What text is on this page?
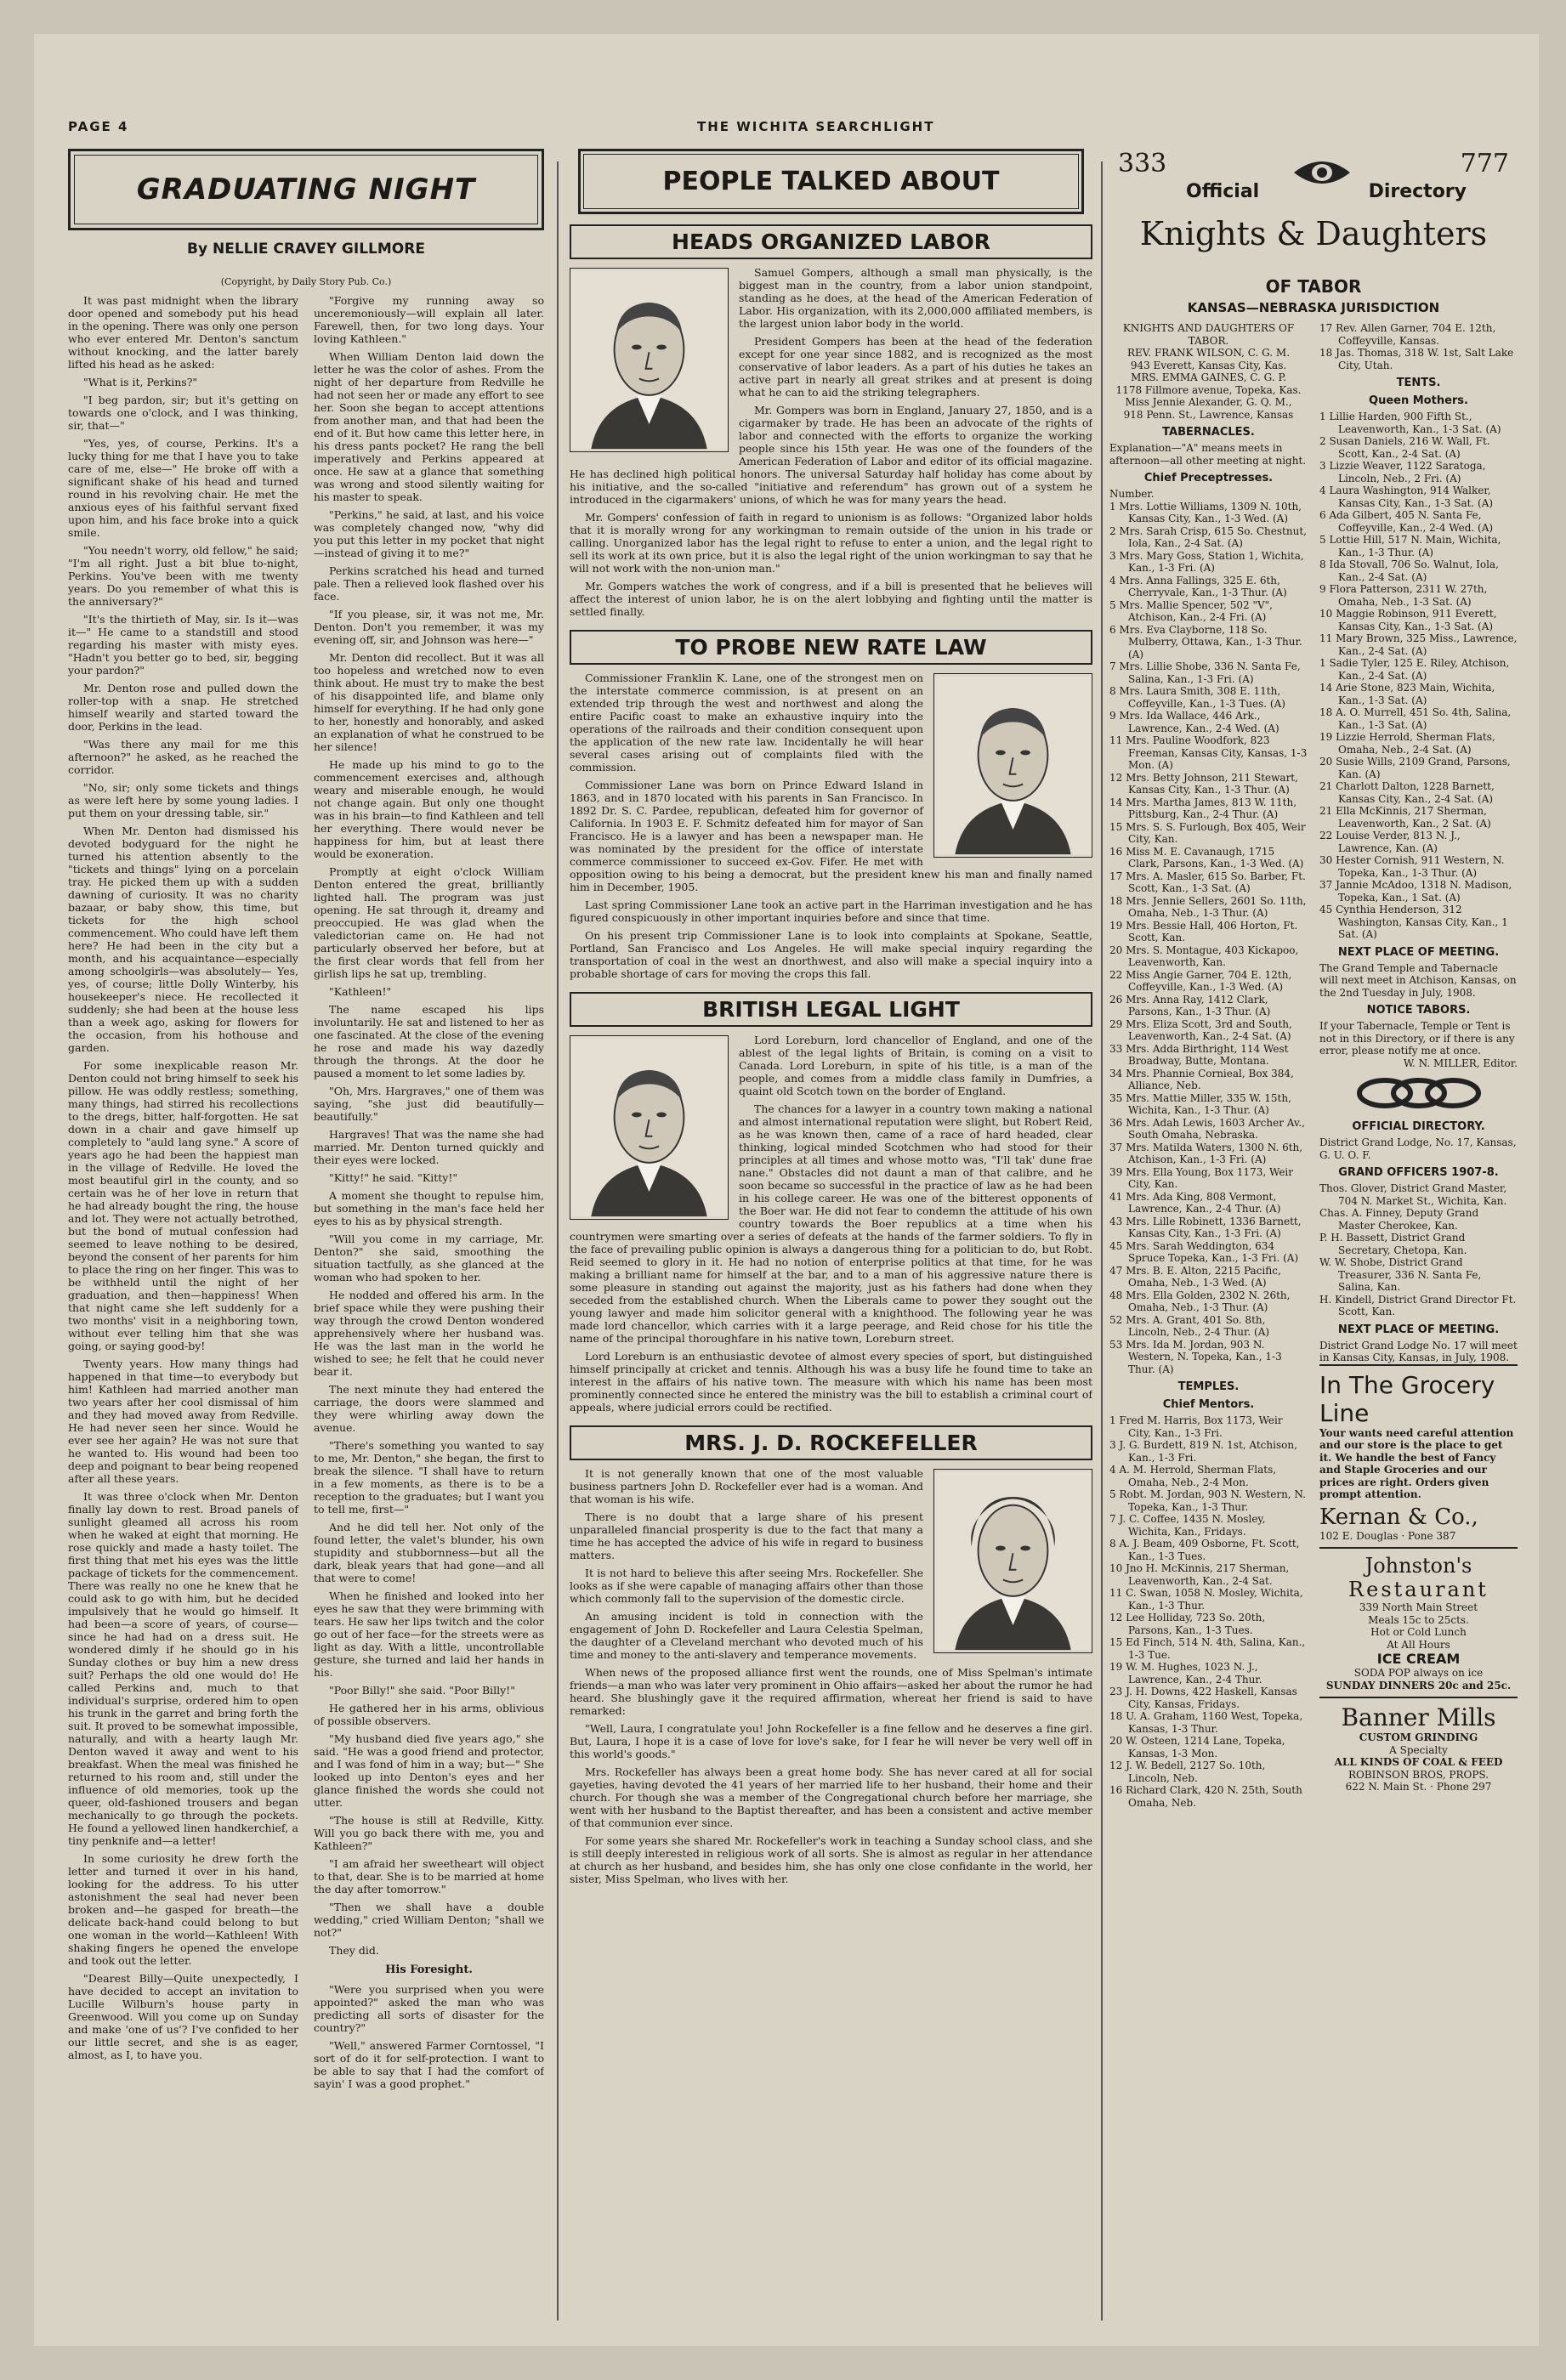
PAGE 4	THE WICHITA SEARCHLIGHT
GRADUATING NIGHT
By NELLIE CRAVEY GILLMORE
(Copyright, by Daily Story Pub. Co.)

It was past midnight when the library door opened and somebody put his head in the opening. There was only one person who ever entered Mr. Denton's sanctum without knocking, and the latter barely lifted his head as he asked:

"What is it, Perkins?"

"I beg pardon, sir; but it's getting on towards one o'clock, and I was thinking, sir, that—"

"Yes, yes, of course, Perkins. It's a lucky thing for me that I have you to take care of me, else—" He broke off with a significant shake of his head and turned round in his revolving chair. He met the anxious eyes of his faithful servant fixed upon him, and his face broke into a quick smile.

"You needn't worry, old fellow," he said; "I'm all right. Just a bit blue to-night, Perkins. You've been with me twenty years. Do you remember of what this is the anniversary?"

"It's the thirtieth of May, sir. Is it—was it—" He came to a standstill and stood regarding his master with misty eyes. "Hadn't you better go to bed, sir, begging your pardon?"

Mr. Denton rose and pulled down the roller-top with a snap. He stretched himself wearily and started toward the door, Perkins in the lead.

"Was there any mail for me this afternoon?" he asked, as he reached the corridor.

"No, sir; only some tickets and things as were left here by some young ladies. I put them on your dressing table, sir."

When Mr. Denton had dismissed his devoted bodyguard for the night he turned his attention absently to the "tickets and things" lying on a porcelain tray. He picked them up with a sudden dawning of curiosity. It was no charity bazaar, or baby show, this time, but tickets for the high school commencement. Who could have left them here? He had been in the city but a month, and his acquaintance—especially among schoolgirls—was absolutely— Yes, yes, of course; little Dolly Winterby, his housekeeper's niece. He recollected it suddenly; she had been at the house less than a week ago, asking for flowers for the occasion, from his hothouse and garden.

For some inexplicable reason Mr. Denton could not bring himself to seek his pillow. He was oddly restless; something, many things, had stirred his recollections to the dregs, bitter, half-forgotten. He sat down in a chair and gave himself up completely to "auld lang syne." A score of years ago he had been the happiest man in the village of Redville. He loved the most beautiful girl in the county, and so certain was he of her love in return that he had already bought the ring, the house and lot. They were not actually betrothed, but the bond of mutual confession had seemed to leave nothing to be desired, beyond the consent of her parents for him to place the ring on her finger. This was to be withheld until the night of her graduation, and then—happiness! When that night came she left suddenly for a two months' visit in a neighboring town, without ever telling him that she was going, or saying good-by!

Twenty years. How many things had happened in that time—to everybody but him! Kathleen had married another man two years after her cool dismissal of him and they had moved away from Redville. He had never seen her since. Would he ever see her again? He was not sure that he wanted to. His wound had been too deep and poignant to bear being reopened after all these years.

It was three o'clock when Mr. Denton finally lay down to rest. Broad panels of sunlight gleamed all across his room when he waked at eight that morning. He rose quickly and made a hasty toilet. The first thing that met his eyes was the little package of tickets for the commencement. There was really no one he knew that he could ask to go with him, but he decided impulsively that he would go himself. It had been—a score of years, of course—since he had had on a dress suit. He wondered dimly if he should go in his Sunday clothes or buy him a new dress suit? Perhaps the old one would do! He called Perkins and, much to that individual's surprise, ordered him to open his trunk in the garret and bring forth the suit. It proved to be somewhat impossible, naturally, and with a hearty laugh Mr. Denton waved it away and went to his breakfast. When the meal was finished he returned to his room and, still under the influence of old memories, took up the queer, old-fashioned trousers and began mechanically to go through the pockets. He found a yellowed linen handkerchief, a tiny penknife and—a letter!

In some curiosity he drew forth the letter and turned it over in his hand, looking for the address. To his utter astonishment the seal had never been broken and—he gasped for breath—the delicate back-hand could belong to but one woman in the world—Kathleen! With shaking fingers he opened the envelope and took out the letter.

"Dearest Billy—Quite unexpectedly, I have decided to accept an invitation to Lucille Wilburn's house party in Greenwood. Will you come up on Sunday and make 'one of us'? I've confided to her our little secret, and she is as eager, almost, as I, to have you.

"Forgive my running away so unceremoniously—will explain all later. Farewell, then, for two long days. Your loving Kathleen."

When William Denton laid down the letter he was the color of ashes. From the night of her departure from Redville he had not seen her or made any effort to see her. Soon she began to accept attentions from another man, and that had been the end of it. But how came this letter here, in his dress pants pocket? He rang the bell imperatively and Perkins appeared at once. He saw at a glance that something was wrong and stood silently waiting for his master to speak.

"Perkins," he said, at last, and his voice was completely changed now, "why did you put this letter in my pocket that night—instead of giving it to me?"

Perkins scratched his head and turned pale. Then a relieved look flashed over his face.

"If you please, sir, it was not me, Mr. Denton. Don't you remember, it was my evening off, sir, and Johnson was here—"

Mr. Denton did recollect. But it was all too hopeless and wretched now to even think about. He must try to make the best of his disappointed life, and blame only himself for everything. If he had only gone to her, honestly and honorably, and asked an explanation of what he construed to be her silence!

He made up his mind to go to the commencement exercises and, although weary and miserable enough, he would not change again. But only one thought was in his brain—to find Kathleen and tell her everything. There would never be happiness for him, but at least there would be exoneration.

Promptly at eight o'clock William Denton entered the great, brilliantly lighted hall. The program was just opening. He sat through it, dreamy and preoccupied. He was glad when the valedictorian came on. He had not particularly observed her before, but at the first clear words that fell from her girlish lips he sat up, trembling.

"Kathleen!"

The name escaped his lips involuntarily. He sat and listened to her as one fascinated. At the close of the evening he rose and made his way dazedly through the throngs. At the door he paused a moment to let some ladies by.

"Oh, Mrs. Hargraves," one of them was saying, "she just did beautifully—beautifully."

Hargraves! That was the name she had married. Mr. Denton turned quickly and their eyes were locked.

"Kitty!" he said. "Kitty!"

A moment she thought to repulse him, but something in the man's face held her eyes to his as by physical strength.

"Will you come in my carriage, Mr. Denton?" she said, smoothing the situation tactfully, as she glanced at the woman who had spoken to her.

He nodded and offered his arm. In the brief space while they were pushing their way through the crowd Denton wondered apprehensively where her husband was. He was the last man in the world he wished to see; he felt that he could never bear it.

The next minute they had entered the carriage, the doors were slammed and they were whirling away down the avenue.

"There's something you wanted to say to me, Mr. Denton," she began, the first to break the silence. "I shall have to return in a few moments, as there is to be a reception to the graduates; but I want you to tell me, first—"

And he did tell her. Not only of the found letter, the valet's blunder, his own stupidity and stubbornness—but all the dark, bleak years that had gone—and all that were to come!

When he finished and looked into her eyes he saw that they were brimming with tears. He saw her lips twitch and the color go out of her face—for the streets were as light as day. With a little, uncontrollable gesture, she turned and laid her hands in his.

"Poor Billy!" she said. "Poor Billy!"

He gathered her in his arms, oblivious of possible observers.

"My husband died five years ago," she said. "He was a good friend and protector, and I was fond of him in a way; but—" She looked up into Denton's eyes and her glance finished the words she could not utter.

"The house is still at Redville, Kitty. Will you go back there with me, you and Kathleen?"

"I am afraid her sweetheart will object to that, dear. She is to be married at home the day after tomorrow."

"Then we shall have a double wedding," cried William Denton; "shall we not?"

They did.

His Foresight.

"Were you surprised when you were appointed?" asked the man who was predicting all sorts of disaster for the country?"

"Well," answered Farmer Corntossel, "I sort of do it for self-protection. I want to be able to say that I had the comfort of sayin' I was a good prophet."

PEOPLE TALKED ABOUT
HEADS ORGANIZED LABOR

Samuel Gompers, although a small man physically, is the biggest man in the country, from a labor union standpoint, standing as he does, at the head of the American Federation of Labor. His organization, with its 2,000,000 affiliated members, is the largest union labor body in the world.

President Gompers has been at the head of the federation except for one year since 1882, and is recognized as the most conservative of labor leaders. As a part of his duties he takes an active part in nearly all great strikes and at present is doing what he can to aid the striking telegraphers.

Mr. Gompers was born in England, January 27, 1850, and is a cigarmaker by trade. He has been an advocate of the rights of labor and connected with the efforts to organize the working people since his 15th year. He was one of the founders of the American Federation of Labor and editor of its official magazine. He has declined high political honors. The universal Saturday half holiday has come about by his initiative, and the so-called "initiative and referendum" has grown out of a system he introduced in the cigarmakers' unions, of which he was for many years the head.

Mr. Gompers' confession of faith in regard to unionism is as follows: "Organized labor holds that it is morally wrong for any workingman to remain outside of the union in his trade or calling. Unorganized labor has the legal right to refuse to enter a union, and the legal right to sell its work at its own price, but it is also the legal right of the union workingman to say that he will not work with the non-union man."

Mr. Gompers watches the work of congress, and if a bill is presented that he believes will affect the interest of union labor, he is on the alert lobbying and fighting until the matter is settled finally.

TO PROBE NEW RATE LAW

Commissioner Franklin K. Lane, one of the strongest men on the interstate commerce commission, is at present on an extended trip through the west and northwest and along the entire Pacific coast to make an exhaustive inquiry into the operations of the railroads and their condition consequent upon the application of the new rate law. Incidentally he will hear several cases arising out of complaints filed with the commission.

Commissioner Lane was born on Prince Edward Island in 1863, and in 1870 located with his parents in San Francisco. In 1892 Dr. S. C. Pardee, republican, defeated him for governor of California. In 1903 E. F. Schmitz defeated him for mayor of San Francisco. He is a lawyer and has been a newspaper man. He was nominated by the president for the office of interstate commerce commissioner to succeed ex-Gov. Fifer. He met with opposition owing to his being a democrat, but the president knew his man and finally named him in December, 1905.

Last spring Commissioner Lane took an active part in the Harriman investigation and he has figured conspicuously in other important inquiries before and since that time.

On his present trip Commissioner Lane is to look into complaints at Spokane, Seattle, Portland, San Francisco and Los Angeles. He will make special inquiry regarding the transportation of coal in the west an dnorthwest, and also will make a special inquiry into a probable shortage of cars for moving the crops this fall.

BRITISH LEGAL LIGHT

Lord Loreburn, lord chancellor of England, and one of the ablest of the legal lights of Britain, is coming on a visit to Canada. Lord Loreburn, in spite of his title, is a man of the people, and comes from a middle class family in Dumfries, a quaint old Scotch town on the border of England.

The chances for a lawyer in a country town making a national and almost international reputation were slight, but Robert Reid, as he was known then, came of a race of hard headed, clear thinking, logical minded Scotchmen who had stood for their principles at all times and whose motto was, "I'll tak' dune frae nane." Obstacles did not daunt a man of that calibre, and he soon became so successful in the practice of law as he had been in his college career. He was one of the bitterest opponents of the Boer war. He did not fear to condemn the attitude of his own country towards the Boer republics at a time when his countrymen were smarting over a series of defeats at the hands of the farmer soldiers. To fly in the face of prevailing public opinion is always a dangerous thing for a politician to do, but Robt. Reid seemed to glory in it. He had no notion of enterprise politics at that time, for he was making a brilliant name for himself at the bar, and to a man of his aggressive nature there is some pleasure in standing out against the majority, just as his fathers had done when they seceded from the established church. When the Liberals came to power they sought out the young lawyer and made him solicitor general with a knighthood. The following year he was made lord chancellor, which carries with it a large peerage, and Reid chose for his title the name of the principal thoroughfare in his native town, Loreburn street.

Lord Loreburn is an enthusiastic devotee of almost every species of sport, but distinguished himself principally at cricket and tennis. Although his was a busy life he found time to take an interest in the affairs of his native town. The measure with which his name has been most prominently connected since he entered the ministry was the bill to establish a criminal court of appeals, where judicial errors could be rectified.

MRS. J. D. ROCKEFELLER

It is not generally known that one of the most valuable business partners John D. Rockefeller ever had is a woman. And that woman is his wife.

There is no doubt that a large share of his present unparalleled financial prosperity is due to the fact that many a time he has accepted the advice of his wife in regard to business matters.

It is not hard to believe this after seeing Mrs. Rockefeller. She looks as if she were capable of managing affairs other than those which commonly fall to the supervision of the domestic circle.

An amusing incident is told in connection with the engagement of John D. Rockefeller and Laura Celestia Spelman, the daughter of a Cleveland merchant who devoted much of his time and money to the anti-slavery and temperance movements.

When news of the proposed alliance first went the rounds, one of Miss Spelman's intimate friends—a man who was later very prominent in Ohio affairs—asked her about the rumor he had heard. She blushingly gave it the required affirmation, whereat her friend is said to have remarked:

"Well, Laura, I congratulate you! John Rockefeller is a fine fellow and he deserves a fine girl. But, Laura, I hope it is a case of love for love's sake, for I fear he will never be very well off in this world's goods."

Mrs. Rockefeller has always been a great home body. She has never cared at all for social gayeties, having devoted the 41 years of her married life to her husband, their home and their church. For though she was a member of the Congregational church before her marriage, she went with her husband to the Baptist thereafter, and has been a consistent and active member of that communion ever since.

For some years she shared Mr. Rockefeller's work in teaching a Sunday school class, and she is still deeply interested in religious work of all sorts. She is almost as regular in her attendance at church as her husband, and besides him, she has only one close confidante in the world, her sister, Miss Spelman, who lives with her.

333
Official
777
Directory
Knights & Daughters
OF TABOR
KANSAS—NEBRASKA JURISDICTION
KNIGHTS AND DAUGHTERS OF TABOR.
REV. FRANK WILSON, C. G. M.
943 Everett, Kansas City, Kas.
MRS. EMMA GAINES, C. G. P.
1178 Fillmore avenue, Topeka, Kas.
Miss Jennie Alexander, G. Q. M.,
918 Penn. St., Lawrence, Kansas
TABERNACLES.
Explanation—"A" means meets in afternoon—all other meeting at night.
Chief Preceptresses.
Number.
1 Mrs. Lottie Williams, 1309 N. 10th, Kansas City, Kan., 1-3 Wed. (A)
2 Mrs. Sarah Crisp, 615 So. Chestnut, Iola, Kan., 2-4 Sat. (A)
3 Mrs. Mary Goss, Station 1, Wichita, Kan., 1-3 Fri. (A)
4 Mrs. Anna Fallings, 325 E. 6th, Cherryvale, Kan., 1-3 Thur. (A)
5 Mrs. Mallie Spencer, 502 "V", Atchison, Kan., 2-4 Fri. (A)
6 Mrs. Eva Clayborne, 118 So. Mulberry, Ottawa, Kan., 1-3 Thur. (A)
7 Mrs. Lillie Shobe, 336 N. Santa Fe, Salina, Kan., 1-3 Fri. (A)
8 Mrs. Laura Smith, 308 E. 11th, Coffeyville, Kan., 1-3 Tues. (A)
9 Mrs. Ida Wallace, 446 Ark., Lawrence, Kan., 2-4 Wed. (A)
11 Mrs. Pauline Woodfork, 823 Freeman, Kansas City, Kansas, 1-3 Mon. (A)
12 Mrs. Betty Johnson, 211 Stewart, Kansas City, Kan., 1-3 Thur. (A)
14 Mrs. Martha James, 813 W. 11th, Pittsburg, Kan., 2-4 Thur. (A)
15 Mrs. S. S. Furlough, Box 405, Weir City, Kan.
16 Miss M. E. Cavanaugh, 1715 Clark, Parsons, Kan., 1-3 Wed. (A)
17 Mrs. A. Masler, 615 So. Barber, Ft. Scott, Kan., 1-3 Sat. (A)
18 Mrs. Jennie Sellers, 2601 So. 11th, Omaha, Neb., 1-3 Thur. (A)
19 Mrs. Bessie Hall, 406 Horton, Ft. Scott, Kan.
20 Mrs. S. Montague, 403 Kickapoo, Leavenworth, Kan.
22 Miss Angie Garner, 704 E. 12th, Coffeyville, Kan., 1-3 Wed. (A)
26 Mrs. Anna Ray, 1412 Clark, Parsons, Kan., 1-3 Thur. (A)
29 Mrs. Eliza Scott, 3rd and South, Leavenworth, Kan., 2-4 Sat. (A)
33 Mrs. Adda Birthright, 114 West Broadway, Butte, Montana.
34 Mrs. Phannie Cornieal, Box 384, Alliance, Neb.
35 Mrs. Mattie Miller, 335 W. 15th, Wichita, Kan., 1-3 Thur. (A)
36 Mrs. Adah Lewis, 1603 Archer Av., South Omaha, Nebraska.
37 Mrs. Matilda Waters, 1300 N. 6th, Atchison, Kan., 1-3 Fri. (A)
39 Mrs. Ella Young, Box 1173, Weir City, Kan.
41 Mrs. Ada King, 808 Vermont, Lawrence, Kan., 2-4 Thur. (A)
43 Mrs. Lille Robinett, 1336 Barnett, Kansas City, Kan., 1-3 Fri. (A)
45 Mrs. Sarah Weddington, 634 Spruce Topeka, Kan., 1-3 Fri. (A)
47 Mrs. B. E. Alton, 2215 Pacific, Omaha, Neb., 1-3 Wed. (A)
48 Mrs. Ella Golden, 2302 N. 26th, Omaha, Neb., 1-3 Thur. (A)
52 Mrs. A. Grant, 401 So. 8th, Lincoln, Neb., 2-4 Thur. (A)
53 Mrs. Ida M. Jordan, 903 N. Western, N. Topeka, Kan., 1-3 Thur. (A)
TEMPLES.
Chief Mentors.
1 Fred M. Harris, Box 1173, Weir City, Kan., 1-3 Fri.
3 J. G. Burdett, 819 N. 1st, Atchison, Kan., 1-3 Fri.
4 A. M. Herrold, Sherman Flats, Omaha, Neb., 2-4 Mon.
5 Robt. M. Jordan, 903 N. Western, N. Topeka, Kan., 1-3 Thur.
7 J. C. Coffee, 1435 N. Mosley, Wichita, Kan., Fridays.
8 A. J. Beam, 409 Osborne, Ft. Scott, Kan., 1-3 Tues.
10 Jno H. McKinnis, 217 Sherman, Leavenworth, Kan., 2-4 Sat.
11 C. Swan, 1058 N. Mosley, Wichita, Kan., 1-3 Thur.
12 Lee Holliday, 723 So. 20th, Parsons, Kan., 1-3 Tues.
15 Ed Finch, 514 N. 4th, Salina, Kan., 1-3 Tue.
19 W. M. Hughes, 1023 N. J., Lawrence, Kan., 2-4 Thur.
23 J. H. Downs, 422 Haskell, Kansas City, Kansas, Fridays.
18 U. A. Graham, 1160 West, Topeka, Kansas, 1-3 Thur.
20 W. Osteen, 1214 Lane, Topeka, Kansas, 1-3 Mon.
12 J. W. Bedell, 2127 So. 10th, Lincoln, Neb.
16 Richard Clark, 420 N. 25th, South Omaha, Neb.
17 Rev. Allen Garner, 704 E. 12th, Coffeyville, Kansas.
18 Jas. Thomas, 318 W. 1st, Salt Lake City, Utah.
TENTS.
Queen Mothers.
1 Lillie Harden, 900 Fifth St., Leavenworth, Kan., 1-3 Sat. (A)
2 Susan Daniels, 216 W. Wall, Ft. Scott, Kan., 2-4 Sat. (A)
3 Lizzie Weaver, 1122 Saratoga, Lincoln, Neb., 2 Fri. (A)
4 Laura Washington, 914 Walker, Kansas City, Kan., 1-3 Sat. (A)
6 Ada Gilbert, 405 N. Santa Fe, Coffeyville, Kan., 2-4 Wed. (A)
5 Lottie Hill, 517 N. Main, Wichita, Kan., 1-3 Thur. (A)
8 Ida Stovall, 706 So. Walnut, Iola, Kan., 2-4 Sat. (A)
9 Flora Patterson, 2311 W. 27th, Omaha, Neb., 1-3 Sat. (A)
10 Maggie Robinson, 911 Everett, Kansas City, Kan., 1-3 Sat. (A)
11 Mary Brown, 325 Miss., Lawrence, Kan., 2-4 Sat. (A)
1 Sadie Tyler, 125 E. Riley, Atchison, Kan., 2-4 Sat. (A)
14 Arie Stone, 823 Main, Wichita, Kan., 1-3 Sat. (A)
18 A. O. Murrell, 451 So. 4th, Salina, Kan., 1-3 Sat. (A)
19 Lizzie Herrold, Sherman Flats, Omaha, Neb., 2-4 Sat. (A)
20 Susie Wills, 2109 Grand, Parsons, Kan. (A)
21 Charlott Dalton, 1228 Barnett, Kansas City, Kan., 2-4 Sat. (A)
21 Ella McKinnis, 217 Sherman, Leavenworth, Kan., 2 Sat. (A)
22 Louise Verder, 813 N. J., Lawrence, Kan. (A)
30 Hester Cornish, 911 Western, N. Topeka, Kan., 1-3 Thur. (A)
37 Jannie McAdoo, 1318 N. Madison, Topeka, Kan., 1 Sat. (A)
45 Cynthia Henderson, 312 Washington, Kansas City, Kan., 1 Sat. (A)
NEXT PLACE OF MEETING.
The Grand Temple and Tabernacle will next meet in Atchison, Kansas, on the 2nd Tuesday in July, 1908.
NOTICE TABORS.
If your Tabernacle, Temple or Tent is not in this Directory, or if there is any error, please notify me at once.
W. N. MILLER, Editor.
OFFICIAL DIRECTORY.
District Grand Lodge, No. 17, Kansas, G. U. O. F.
GRAND OFFICERS 1907-8.
Thos. Glover, District Grand Master, 704 N. Market St., Wichita, Kan.
Chas. A. Finney, Deputy Grand Master Cherokee, Kan.
P. H. Bassett, District Grand Secretary, Chetopa, Kan.
W. W. Shobe, District Grand Treasurer, 336 N. Santa Fe, Salina, Kan.
H. Kindell, District Grand Director Ft. Scott, Kan.
NEXT PLACE OF MEETING.
District Grand Lodge No. 17 will meet in Kansas City, Kansas, in July, 1908.
In The Grocery Line
Your wants need careful attention and our store is the place to get it. We handle the best of Fancy and Staple Groceries and our prices are right. Orders given prompt attention.
Kernan & Co.,
102 E. Douglas · Pone 387
Johnston's
Restaurant
339 North Main Street
Meals 15c to 25cts.
Hot or Cold Lunch
At All Hours
ICE CREAM
SODA POP always on ice
SUNDAY DINNERS 20c and 25c.
Banner Mills
CUSTOM GRINDING
A Specialty
ALL KINDS OF COAL & FEED
ROBINSON BROS, PROPS.
622 N. Main St. · Phone 297
